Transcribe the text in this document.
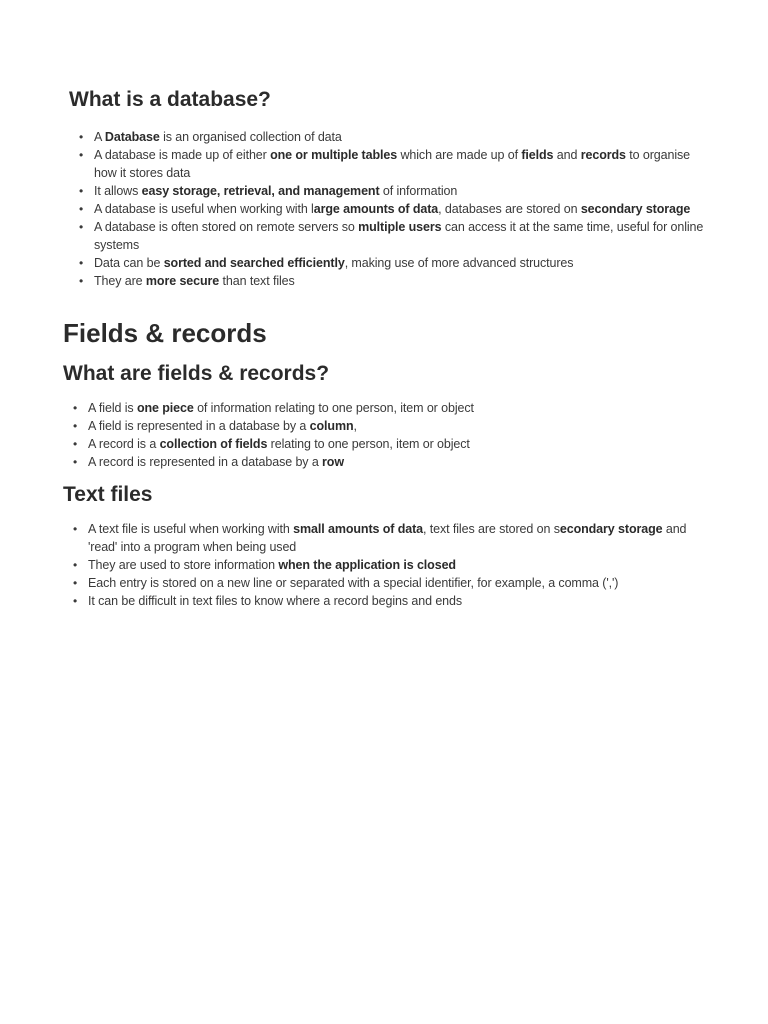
What is a database?
• A Database is an organised collection of data
• A database is made up of either one or multiple tables which are made up of fields and records to organise how it stores data
• It allows easy storage, retrieval, and management of information
• A database is useful when working with large amounts of data, databases are stored on secondary storage
• A database is often stored on remote servers so multiple users can access it at the same time, useful for online systems
• Data can be sorted and searched efficiently, making use of more advanced structures
• They are more secure than text files
Fields & records
What are fields & records?
• A field is one piece of information relating to one person, item or object
• A field is represented in a database by a column,
• A record is a collection of fields relating to one person, item or object
• A record is represented in a database by a row
Text files
• A text file is useful when working with small amounts of data, text files are stored on secondary storage and 'read' into a program when being used
• They are used to store information when the application is closed
• Each entry is stored on a new line or separated with a special identifier, for example, a comma (',')
• It can be difficult in text files to know where a record begins and ends
